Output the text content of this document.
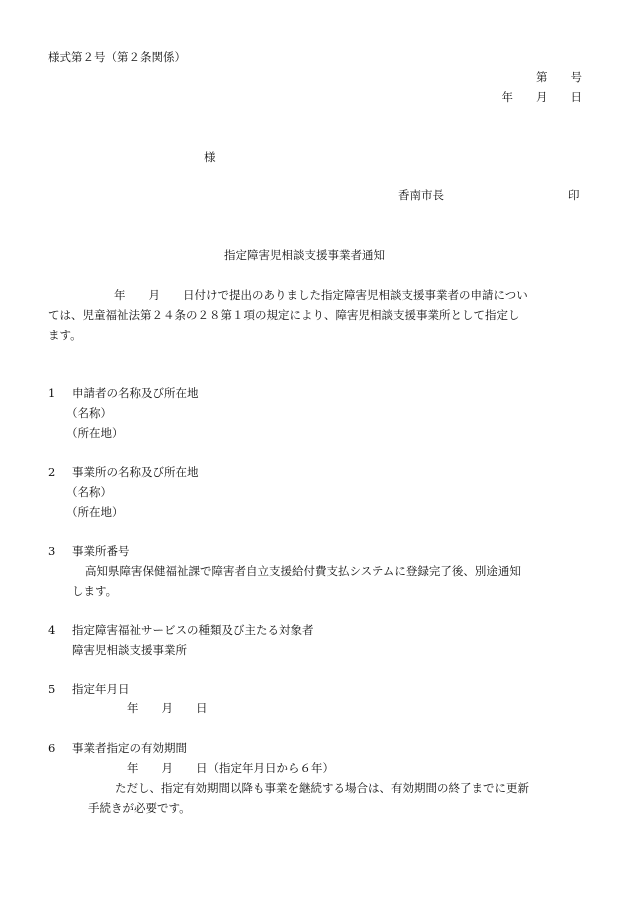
様式第２号（第２条関係）
第　　号
年　　月　　日
様
香南市長	印
指定障害児相談支援事業者通知
年　　月　　日付けで提出のありました指定障害児相談支援事業者の申請につい
ては、児童福祉法第２４条の２８第１項の規定により、障害児相談支援事業所として指定し
ます。
1 申請者の名称及び所在地
（名称）
（所在地）
2 事業所の名称及び所在地
（名称）
（所在地）
3 事業所番号
高知県障害保健福祉課で障害者自立支援給付費支払システムに登録完了後、別途通知
します。
4 指定障害福祉サービスの種類及び主たる対象者
障害児相談支援事業所
5 指定年月日
年　　月　　日
6 事業者指定の有効期間
年　　月　　日（指定年月日から６年）
ただし、指定有効期間以降も事業を継続する場合は、有効期間の終了までに更新
手続きが必要です。
